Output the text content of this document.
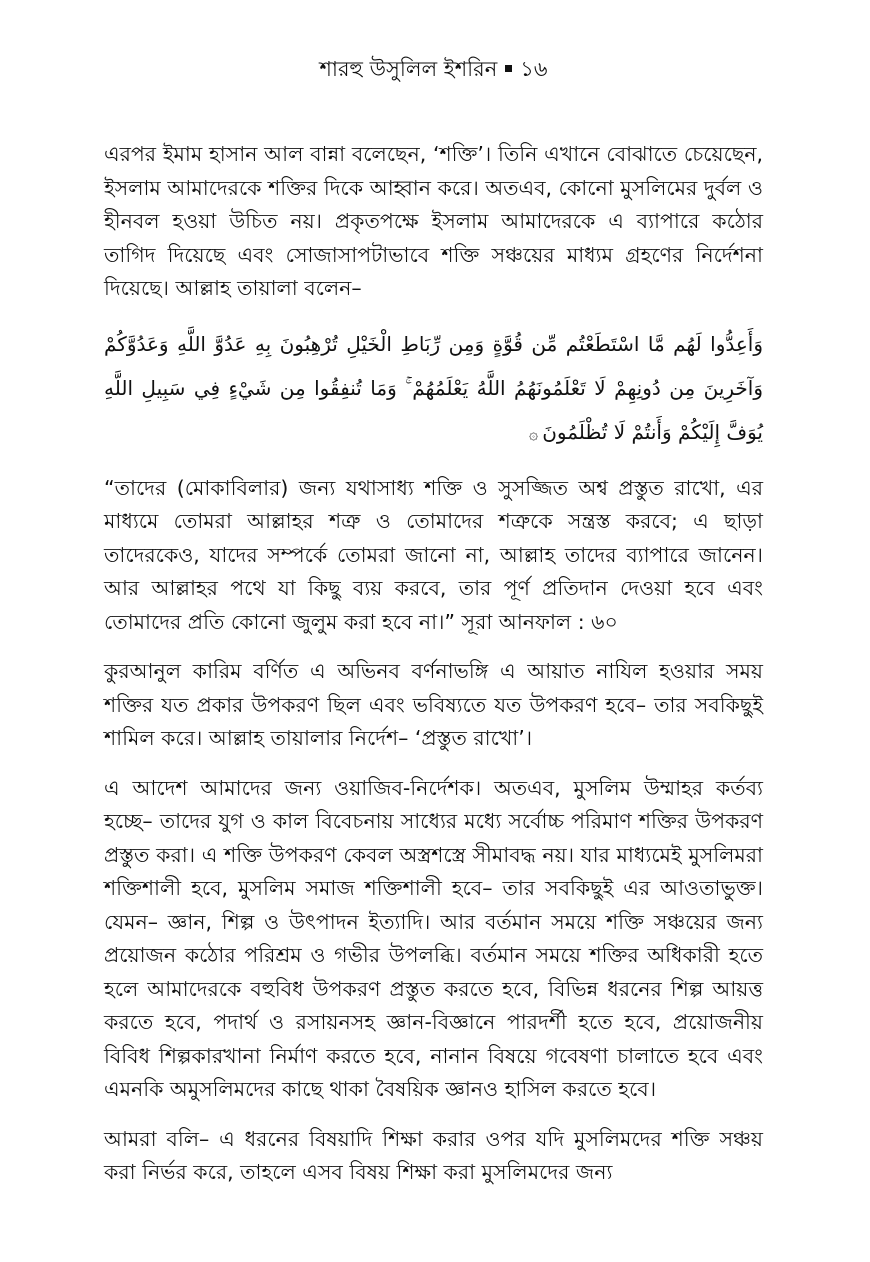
শারহু উসুলিল ইশরিন ১৬

এরপর ইমাম হাসান আল বান্না বলেছেন, ‘শক্তি’। তিনি এখানে বোঝাতে চেয়েছেন, ইসলাম আমাদেরকে শক্তির দিকে আহ্বান করে। অতএব, কোনো মুসলিমের দুর্বল ও হীনবল হওয়া উচিত নয়। প্রকৃতপক্ষে ইসলাম আমাদেরকে এ ব্যাপারে কঠোর তাগিদ দিয়েছে এবং সোজাসাপটাভাবে শক্তি সঞ্চয়ের মাধ্যম গ্রহণের নির্দেশনা দিয়েছে। আল্লাহ তায়ালা বলেন–

وَأَعِدُّوا لَهُم مَّا اسْتَطَعْتُم مِّن قُوَّةٍ وَمِن رِّبَاطِ الْخَيْلِ تُرْهِبُونَ بِهِ عَدُوَّ اللَّهِ وَعَدُوَّكُمْ وَآخَرِينَ مِن دُونِهِمْ لَا تَعْلَمُونَهُمُ اللَّهُ يَعْلَمُهُمْ ۚ وَمَا تُنفِقُوا مِن شَيْءٍ فِي سَبِيلِ اللَّهِ يُوَفَّ إِلَيْكُمْ وَأَنتُمْ لَا تُظْلَمُونَ۞

“তাদের (মোকাবিলার) জন্য যথাসাধ্য শক্তি ও সুসজ্জিত অশ্ব প্রস্তুত রাখো, এর মাধ্যমে তোমরা আল্লাহর শত্রু ও তোমাদের শত্রুকে সন্ত্রস্ত করবে; এ ছাড়া তাদেরকেও, যাদের সম্পর্কে তোমরা জানো না, আল্লাহ তাদের ব্যাপারে জানেন। আর আল্লাহর পথে যা কিছু ব্যয় করবে, তার পূর্ণ প্রতিদান দেওয়া হবে এবং তোমাদের প্রতি কোনো জুলুম করা হবে না।” সূরা আনফাল : ৬০

কুরআনুল কারিম বর্ণিত এ অভিনব বর্ণনাভঙ্গি এ আয়াত নাযিল হওয়ার সময় শক্তির যত প্রকার উপকরণ ছিল এবং ভবিষ্যতে যত উপকরণ হবে– তার সবকিছুই শামিল করে। আল্লাহ তায়ালার নির্দেশ– ‘প্রস্তুত রাখো’।

এ আদেশ আমাদের জন্য ওয়াজিব-নির্দেশক। অতএব, মুসলিম উম্মাহর কর্তব্য হচ্ছে– তাদের যুগ ও কাল বিবেচনায় সাধ্যের মধ্যে সর্বোচ্চ পরিমাণ শক্তির উপকরণ প্রস্তুত করা। এ শক্তি উপকরণ কেবল অস্ত্রশস্ত্রে সীমাবদ্ধ নয়। যার মাধ্যমেই মুসলিমরা শক্তিশালী হবে, মুসলিম সমাজ শক্তিশালী হবে– তার সবকিছুই এর আওতাভুক্ত। যেমন– জ্ঞান, শিল্প ও উৎপাদন ইত্যাদি। আর বর্তমান সময়ে শক্তি সঞ্চয়ের জন্য প্রয়োজন কঠোর পরিশ্রম ও গভীর উপলব্ধি। বর্তমান সময়ে শক্তির অধিকারী হতে হলে আমাদেরকে বহুবিধ উপকরণ প্রস্তুত করতে হবে, বিভিন্ন ধরনের শিল্প আয়ত্ত করতে হবে, পদার্থ ও রসায়নসহ জ্ঞান-বিজ্ঞানে পারদর্শী হতে হবে, প্রয়োজনীয় বিবিধ শিল্পকারখানা নির্মাণ করতে হবে, নানান বিষয়ে গবেষণা চালাতে হবে এবং এমনকি অমুসলিমদের কাছে থাকা বৈষয়িক জ্ঞানও হাসিল করতে হবে।

আমরা বলি– এ ধরনের বিষয়াদি শিক্ষা করার ওপর যদি মুসলিমদের শক্তি সঞ্চয় করা নির্ভর করে, তাহলে এসব বিষয় শিক্ষা করা মুসলিমদের জন্য
